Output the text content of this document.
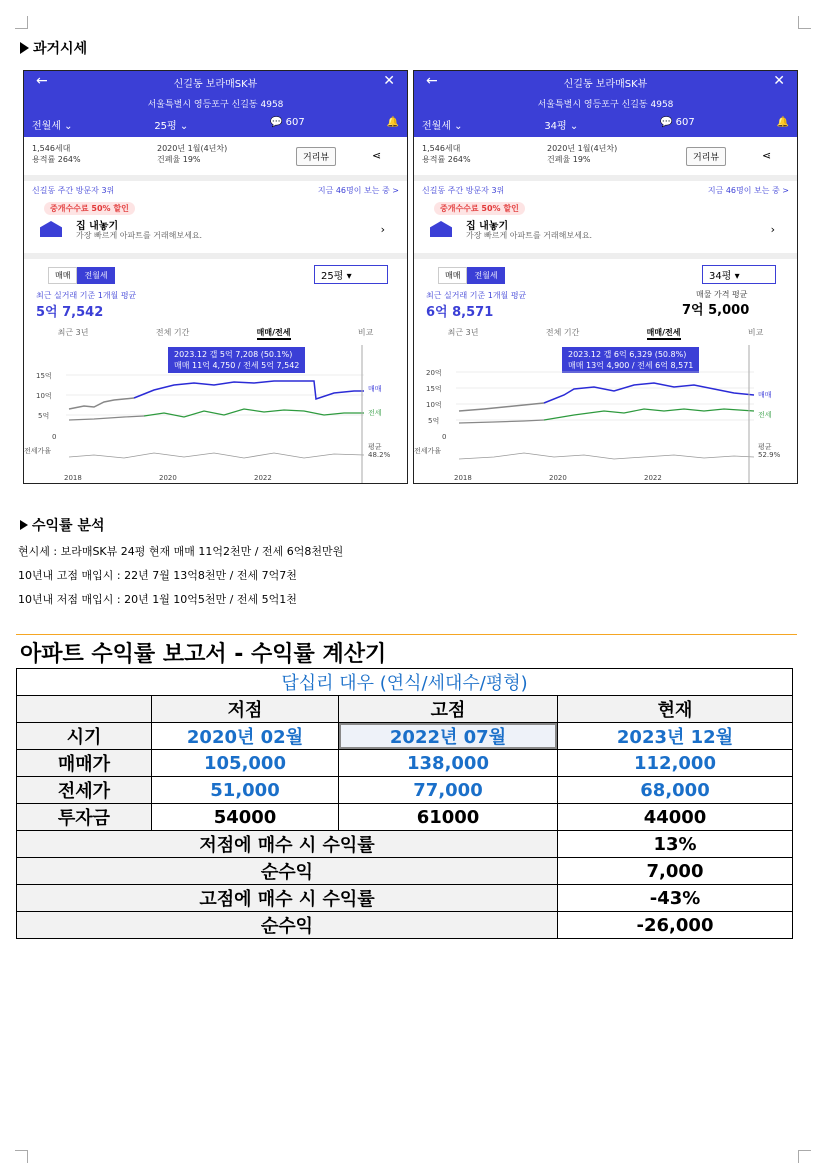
과거시세
←	신길동 보라매SK뷰	✕
서울특별시 영등포구 신길동 4958
전월세 ⌄	25평 ⌄	💬 607	🔔
1,546세대
용적률 264%
2020년 1월(4년차)
건폐율 19%	거리뷰	⋖
신길동 주간 방문자 3위	지금 46명이 보는 중 >
중개수수료 50% 할인
집 내놓기
가장 빠르게 아파트를 거래해보세요.	›
매매	전월세	25평 ▾
최근 실거래 기준 1개월 평균
5억 7,542
최근 3년	전체 기간	매매/전세	비교
2023.12 갭 5억 7,208 (50.1%)
매매 11억 4,750 / 전세 5억 7,542
15억
10억
5억
0
전세가율
2018	2020	2022
매매
전세
평균
48.2%
←	신길동 보라매SK뷰	✕
서울특별시 영등포구 신길동 4958
전월세 ⌄	34평 ⌄	💬 607	🔔
1,546세대
용적률 264%
2020년 1월(4년차)
건폐율 19%	거리뷰	⋖
신길동 주간 방문자 3위	지금 46명이 보는 중 >
중개수수료 50% 할인
집 내놓기
가장 빠르게 아파트를 거래해보세요.	›
매매	전월세	34평 ▾
최근 실거래 기준 1개월 평균
6억 8,571
매물 가격 평균
7억 5,000
최근 3년	전체 기간	매매/전세	비교
2023.12 갭 6억 6,329 (50.8%)
매매 13억 4,900 / 전세 6억 8,571
20억
15억
10억
5억
0
전세가율
2018	2020	2022
매매
전세
평균
52.9%
수익률 분석
현시세 : 보라매SK뷰 24평 현재 매매 11억2천만 / 전세 6억8천만원
10년내 고점 매입시 : 22년 7월 13억8천만 / 전세 7억7천
10년내 저점 매입시 : 20년 1월 10억5천만 / 전세 5억1천
아파트 수익률 보고서 - 수익률 계산기
답십리 대우 (연식/세대수/평형)			
	저점	고점	현재
시기	2020년 02월	2022년 07월	2023년 12월
매매가	105,000	138,000	112,000
전세가	51,000	77,000	68,000
투자금	54000	61000	44000
저점에 매수 시 수익률			13%
순수익			7,000
고점에 매수 시 수익률			-43%
순수익			-26,000
